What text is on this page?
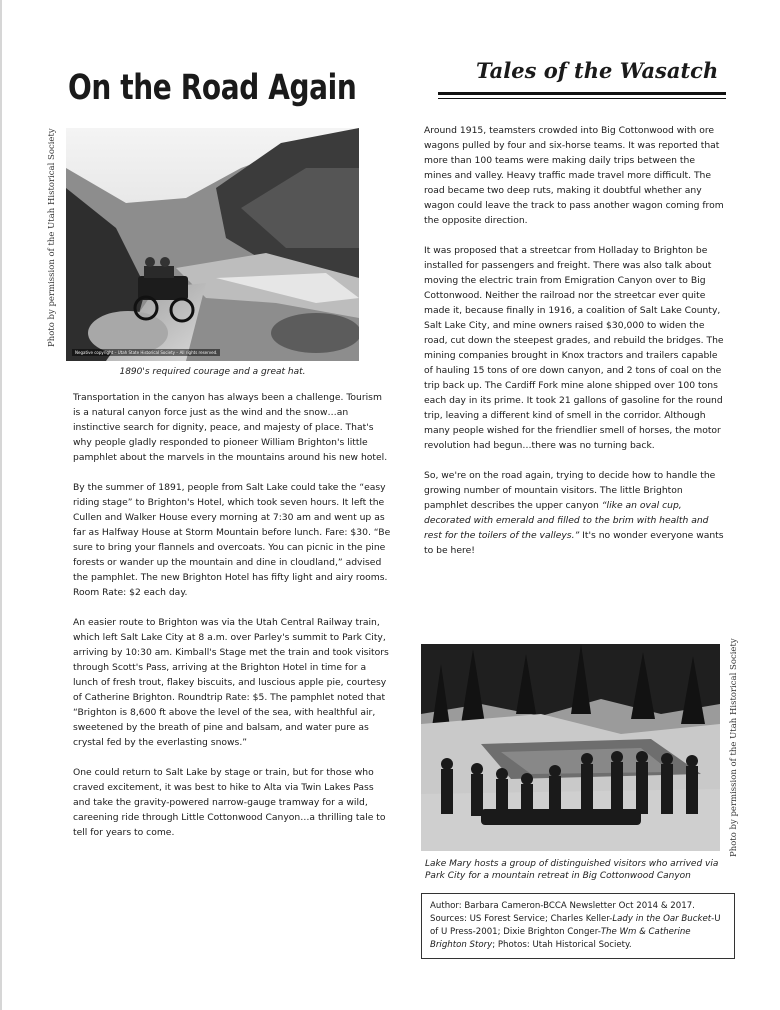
On the Road Again	Tales of the Wasatch
Photo by permission of the Utah Historical Society
Negative copyright – Utah State Historical Society – All rights reserved.
1890's required courage and a great hat.

Transportation in the canyon has always been a challenge. Tourism is a natural canyon force just as the wind and the snow…an instinctive search for dignity, peace, and majesty of place. That's why people gladly responded to pioneer William Brighton's little pamphlet about the marvels in the mountains around his new hotel.

By the summer of 1891, people from Salt Lake could take the “easy riding stage” to Brighton's Hotel, which took seven hours. It left the Cullen and Walker House every morning at 7:30 am and went up as far as Halfway House at Storm Mountain before lunch. Fare: $30. “Be sure to bring your flannels and overcoats. You can picnic in the pine forests or wander up the mountain and dine in cloudland,” advised the pamphlet. The new Brighton Hotel has fifty light and airy rooms. Room Rate: $2 each day.

An easier route to Brighton was via the Utah Central Railway train, which left Salt Lake City at 8 a.m. over Parley's summit to Park City, arriving by 10:30 am. Kimball's Stage met the train and took visitors through Scott's Pass, arriving at the Brighton Hotel in time for a lunch of fresh trout, flakey biscuits, and luscious apple pie, courtesy of Catherine Brighton. Roundtrip Rate: $5. The pamphlet noted that “Brighton is 8,600 ft above the level of the sea, with healthful air, sweetened by the breath of pine and balsam, and water pure as crystal fed by the everlasting snows.”

One could return to Salt Lake by stage or train, but for those who craved excitement, it was best to hike to Alta via Twin Lakes Pass and take the gravity-powered narrow-gauge tramway for a wild, careening ride through Little Cottonwood Canyon…a thrilling tale to tell for years to come.

Around 1915, teamsters crowded into Big Cottonwood with ore wagons pulled by four and six-horse teams. It was reported that more than 100 teams were making daily trips between the mines and valley. Heavy traffic made travel more difficult. The road became two deep ruts, making it doubtful whether any wagon could leave the track to pass another wagon coming from the opposite direction.

It was proposed that a streetcar from Holladay to Brighton be installed for passengers and freight. There was also talk about moving the electric train from Emigration Canyon over to Big Cottonwood. Neither the railroad nor the streetcar ever quite made it, because finally in 1916, a coalition of Salt Lake County, Salt Lake City, and mine owners raised $30,000 to widen the road, cut down the steepest grades, and rebuild the bridges. The mining companies brought in Knox tractors and trailers capable of hauling 15 tons of ore down canyon, and 2 tons of coal on the trip back up. The Cardiff Fork mine alone shipped over 100 tons each day in its prime. It took 21 gallons of gasoline for the round trip, leaving a different kind of smell in the corridor. Although many people wished for the friendlier smell of horses, the motor revolution had begun…there was no turning back.

So, we're on the road again, trying to decide how to handle the growing number of mountain visitors. The little Brighton pamphlet describes the upper canyon “like an oval cup, decorated with emerald and filled to the brim with health and rest for the toilers of the valleys.” It's no wonder everyone wants to be here!

Photo by permission of the Utah Historical Society
Lake Mary hosts a group of distinguished visitors who arrived via Park City for a mountain retreat in Big Cottonwood Canyon
Author: Barbara Cameron-BCCA Newsletter Oct 2014 & 2017.
Sources: US Forest Service; Charles Keller-Lady in the Oar Bucket-U of U Press-2001; Dixie Brighton Conger-The Wm & Catherine Brighton Story; Photos: Utah Historical Society.
